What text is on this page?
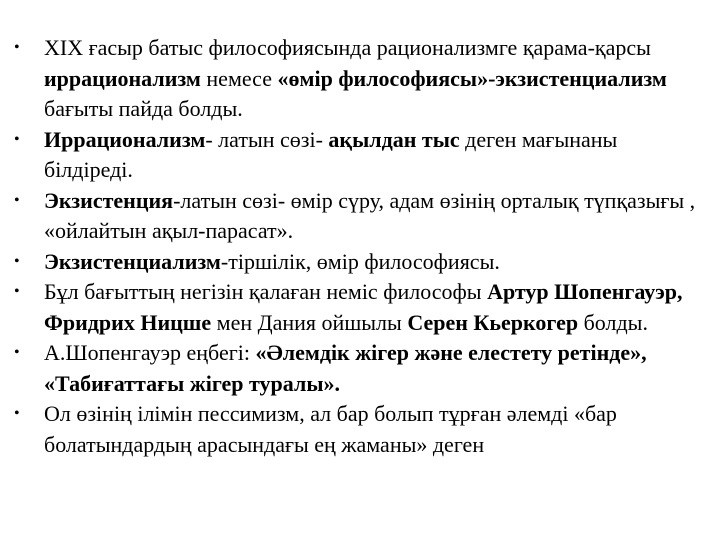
•
XIX ғасыр батыс философиясында рационализмге қарама-қарсы иррационализм немесе «өмір философиясы»-экзистенциализм бағыты пайда болды.
•
Иррационализм- латын сөзі- ақылдан тыс деген мағынаны білдіреді.
•
Экзистенция-латын сөзі- өмір сүру, адам өзінің орталық түпқазығы , «ойлайтын ақыл-парасат».
•
Экзистенциализм-тіршілік, өмір философиясы.
•
Бұл бағыттың негізін қалаған неміс философы Артур Шопенгауэр, Фридрих Ницше мен Дания ойшылы Серен Кьеркогер болды.
•
А.Шопенгауэр еңбегі: «Әлемдік жігер және елестету ретінде», «Табиғаттағы жігер туралы».
•
Ол өзінің ілімін пессимизм, ал бар болып тұрған әлемді «бар болатындардың арасындағы ең жаманы» деген
